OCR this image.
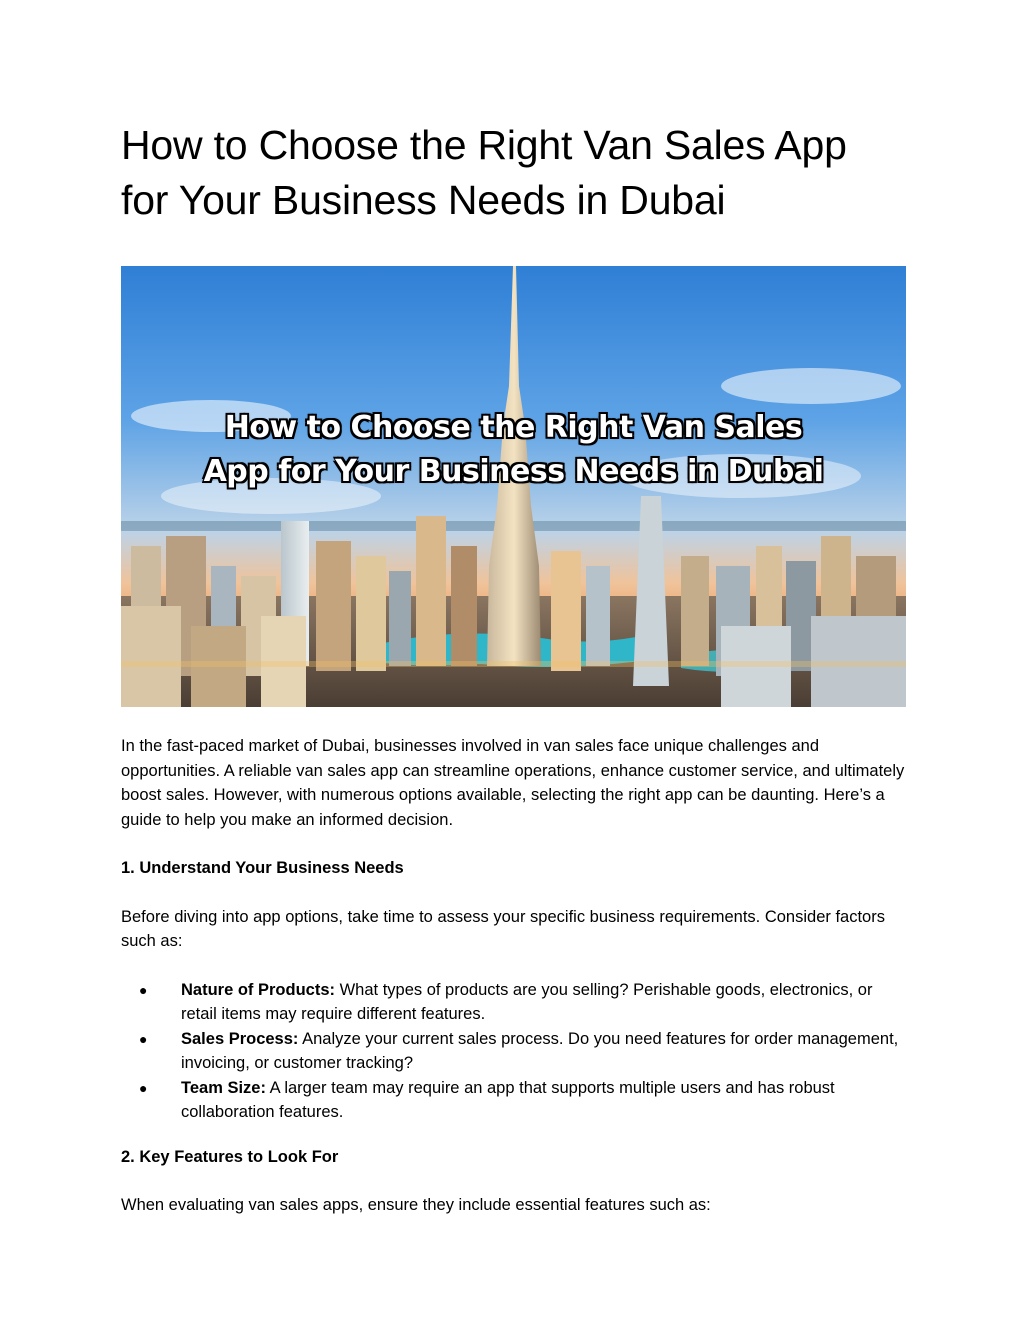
How to Choose the Right Van Sales App
for Your Business Needs in Dubai
How to Choose the Right Van Sales
App for Your Business Needs in Dubai

In the fast-paced market of Dubai, businesses involved in van sales face unique challenges and opportunities. A reliable van sales app can streamline operations, enhance customer service, and ultimately boost sales. However, with numerous options available, selecting the right app can be daunting. Here’s a guide to help you make an informed decision.

1. Understand Your Business Needs

Before diving into app options, take time to assess your specific business requirements. Consider factors such as:

● Nature of Products: What types of products are you selling? Perishable goods, electronics, or retail items may require different features.
● Sales Process: Analyze your current sales process. Do you need features for order management, invoicing, or customer tracking?
● Team Size: A larger team may require an app that supports multiple users and has robust collaboration features.
2. Key Features to Look For

When evaluating van sales apps, ensure they include essential features such as:
